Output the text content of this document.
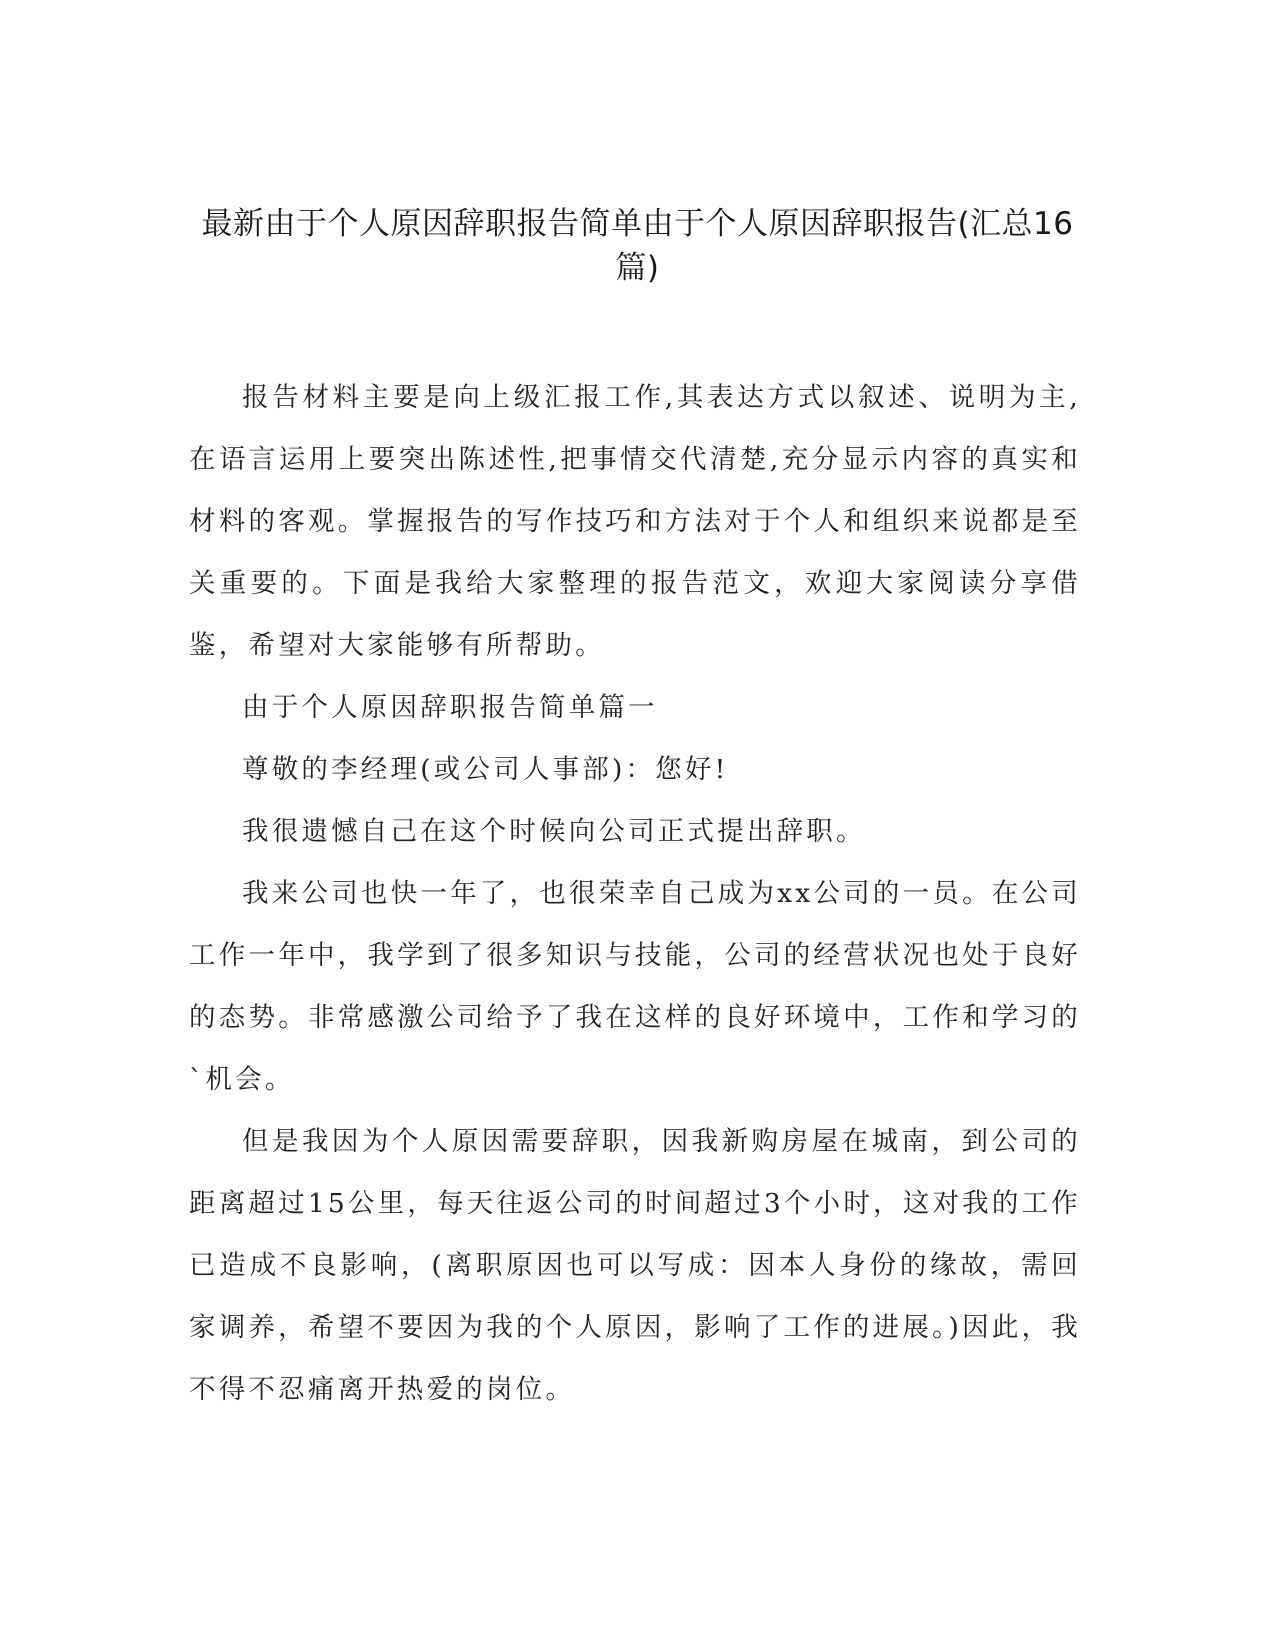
最新由于个人原因辞职报告简单由于个人原因辞职报告(汇总16篇)

报告材料主要是向上级汇报工作,其表达方式以叙述、说明为主,在语言运用上要突出陈述性,把事情交代清楚,充分显示内容的真实和材料的客观。掌握报告的写作技巧和方法对于个人和组织来说都是至关重要的。下面是我给大家整理的报告范文，欢迎大家阅读分享借鉴，希望对大家能够有所帮助。

由于个人原因辞职报告简单篇一

尊敬的李经理(或公司人事部)：您好!

我很遗憾自己在这个时候向公司正式提出辞职。

我来公司也快一年了，也很荣幸自己成为xx公司的一员。在公司工作一年中，我学到了很多知识与技能，公司的经营状况也处于良好的态势。非常感激公司给予了我在这样的良好环境中，工作和学习的`机会。

但是我因为个人原因需要辞职，因我新购房屋在城南，到公司的距离超过15公里，每天往返公司的时间超过3个小时，这对我的工作已造成不良影响，(离职原因也可以写成：因本人身份的缘故，需回家调养，希望不要因为我的个人原因，影响了工作的进展。)因此，我不得不忍痛离开热爱的岗位。
